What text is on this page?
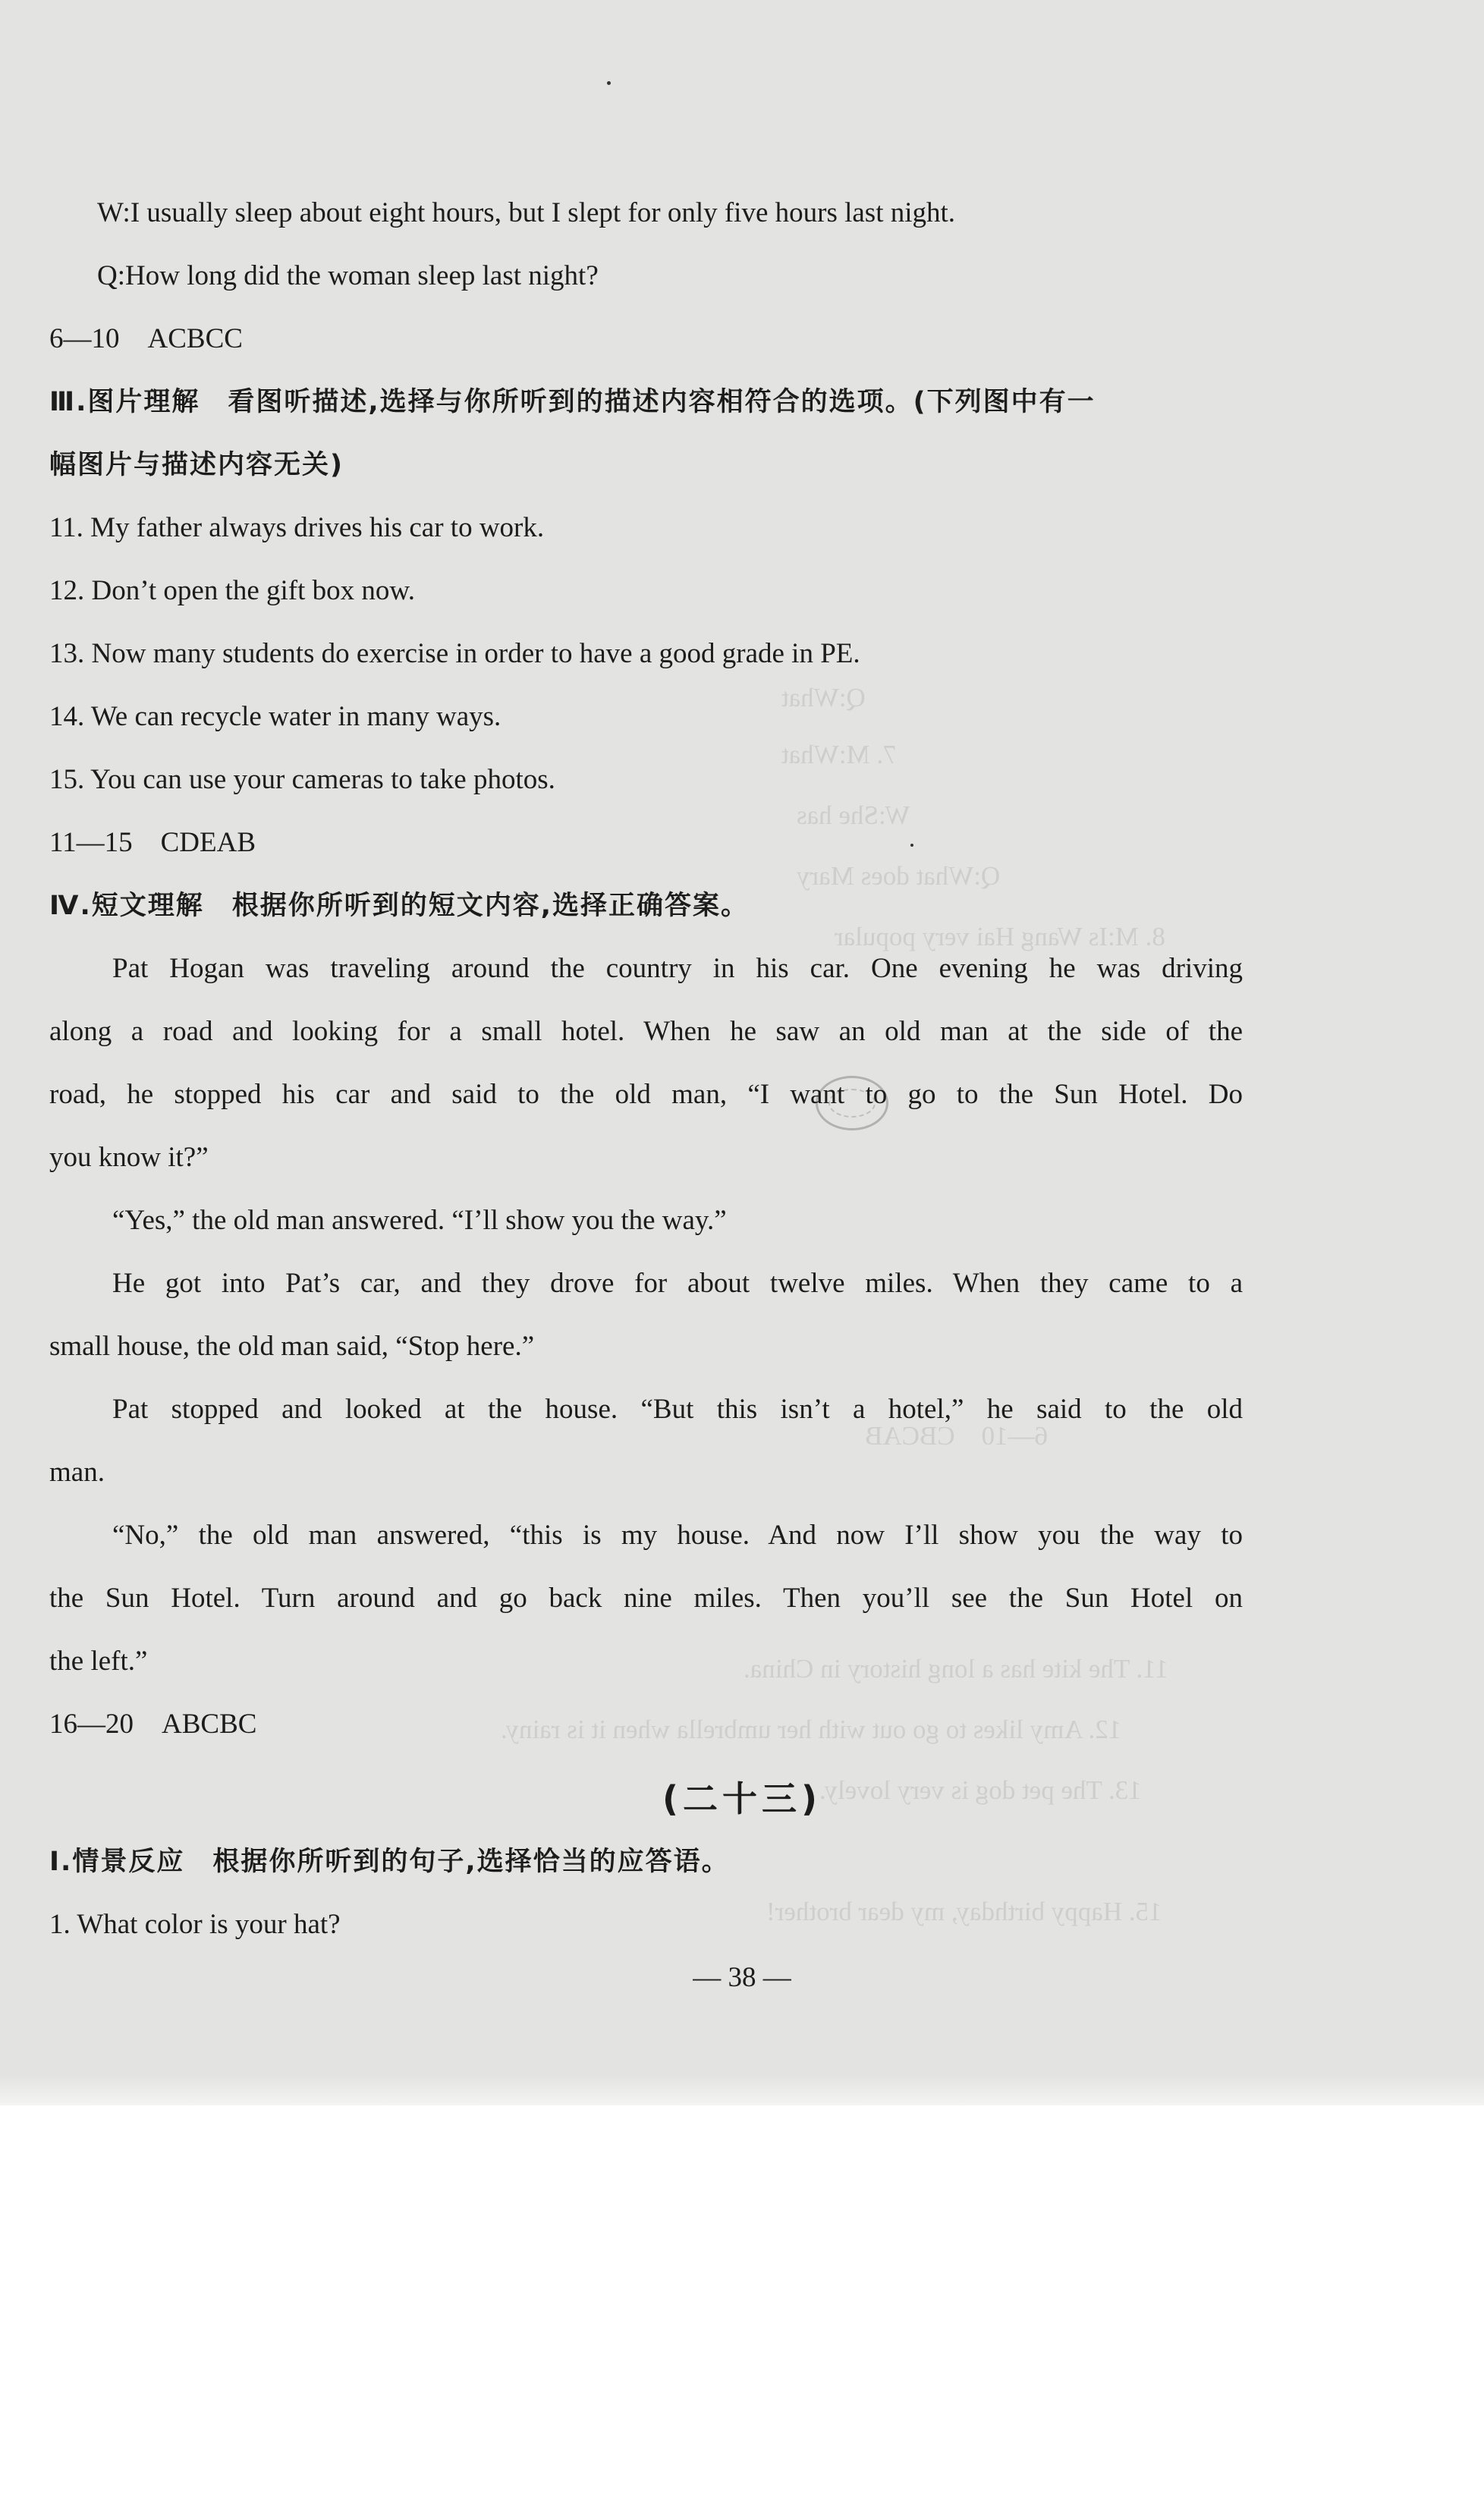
Q:What
7. M:What
W:She has
Q:What does Mary
8. M:Is Wang Hai very popular
6—10　CBCAB
11. The kite has a long history in China.
12. Amy likes to go out with her umbrella when it is rainy.
13. The pet dog is very lovely.
15. Happy birthday, my dear brother!
W:I usually sleep about eight hours, but I slept for only five hours last night.
Q:How long did the woman sleep last night?
6—10　ACBCC
Ⅲ.图片理解　看图听描述,选择与你所听到的描述内容相符合的选项。(下列图中有一
幅图片与描述内容无关)
11. My father always drives his car to work.
12. Don’t open the gift box now.
13. Now many students do exercise in order to have a good grade in PE.
14. We can recycle water in many ways.
15. You can use your cameras to take photos.
11—15　CDEAB
Ⅳ.短文理解　根据你所听到的短文内容,选择正确答案。
Pat Hogan was traveling around the country in his car. One evening he was driving
along a road and looking for a small hotel. When he saw an old man at the side of the
road, he stopped his car and said to the old man, “I want to go to the Sun Hotel. Do
you know it?”
“Yes,” the old man answered. “I’ll show you the way.”
He got into Pat’s car, and they drove for about twelve miles. When they came to a
small house, the old man said, “Stop here.”
Pat stopped and looked at the house. “But this isn’t a hotel,” he said to the old
man.
“No,” the old man answered, “this is my house. And now I’ll show you the way to
the Sun Hotel. Turn around and go back nine miles. Then you’ll see the Sun Hotel on
the left.”
16—20　ABCBC
(二十三)
Ⅰ.情景反应　根据你所听到的句子,选择恰当的应答语。
1. What color is your hat?
— 38 —
